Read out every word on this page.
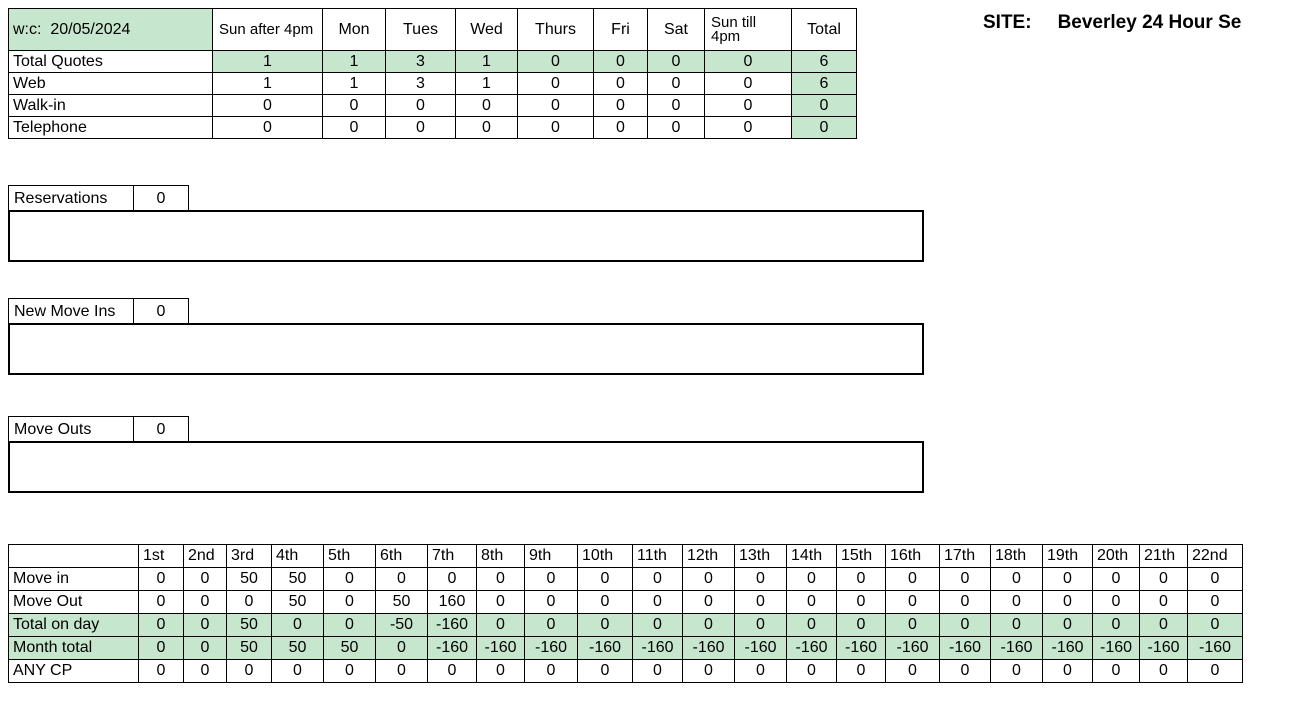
w:c: 20/05/2024	Sun after 4pm	Mon	Tues	Wed	Thurs	Fri	Sat	Sun till 4pm	Total
Total Quotes	1	1	3	1	0	0	0	0	6
Web	1	1	3	1	0	0	0	0	6
Walk-in	0	0	0	0	0	0	0	0	0
Telephone	0	0	0	0	0	0	0	0	0
SITE: Beverley 24 Hour Se
Reservations	0
New Move Ins	0
Move Outs	0
	1st	2nd	3rd	4th	5th	6th	7th	8th	9th	10th	11th	12th	13th	14th	15th	16th	17th	18th	19th	20th	21th	22nd
Move in	0	0	50	50	0	0	0	0	0	0	0	0	0	0	0	0	0	0	0	0	0	0
Move Out	0	0	0	50	0	50	160	0	0	0	0	0	0	0	0	0	0	0	0	0	0	0
Total on day	0	0	50	0	0	-50	-160	0	0	0	0	0	0	0	0	0	0	0	0	0	0	0
Month total	0	0	50	50	50	0	-160	-160	-160	-160	-160	-160	-160	-160	-160	-160	-160	-160	-160	-160	-160	-160
ANY CP	0	0	0	0	0	0	0	0	0	0	0	0	0	0	0	0	0	0	0	0	0	0
